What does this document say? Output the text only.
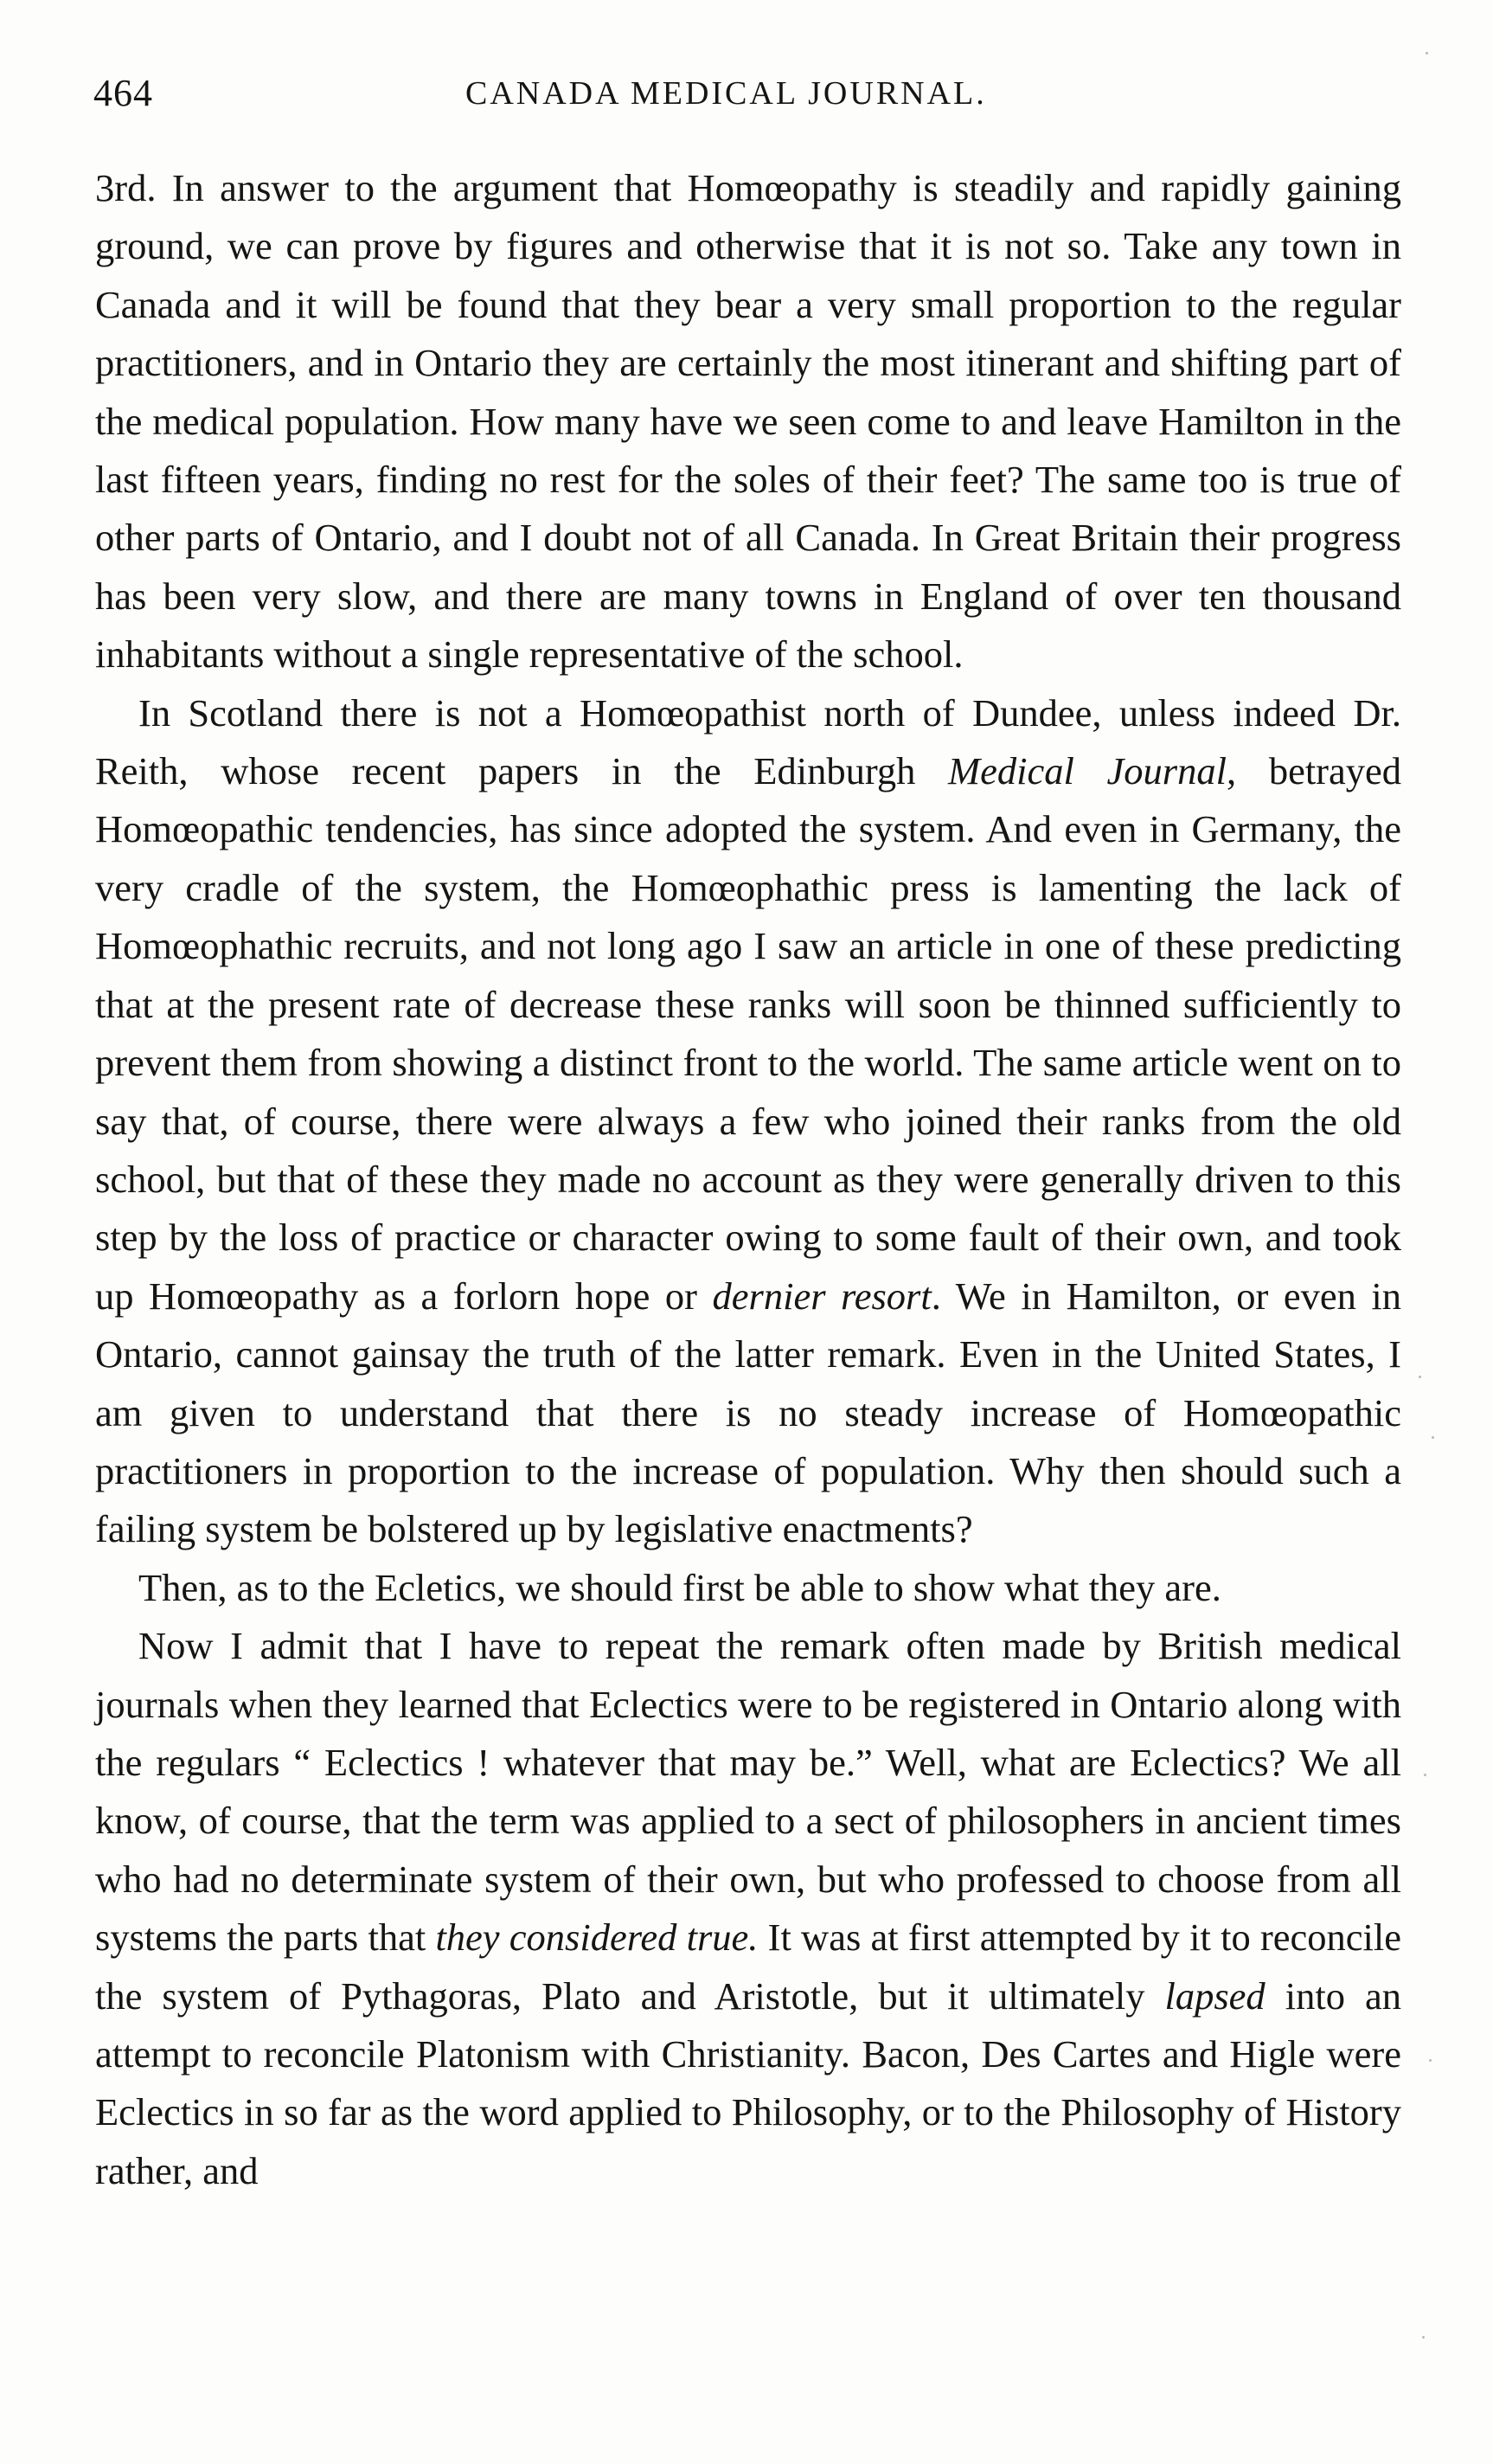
464	CANADA MEDICAL JOURNAL.

3rd. In answer to the argument that Homœopathy is steadily and rapidly gaining ground, we can prove by figures and otherwise that it is not so. Take any town in Canada and it will be found that they bear a very small proportion to the regular practitioners, and in Ontario they are certainly the most itinerant and shifting part of the medical population. How many have we seen come to and leave Hamilton in the last fifteen years, finding no rest for the soles of their feet? The same too is true of other parts of Ontario, and I doubt not of all Canada. In Great Britain their progress has been very slow, and there are many towns in England of over ten thousand inhabitants without a single representative of the school.

In Scotland there is not a Homœopathist north of Dundee, unless indeed Dr. Reith, whose recent papers in the Edinburgh Medical Journal, betrayed Homœopathic tendencies, has since adopted the system. And even in Germany, the very cradle of the system, the Homœophathic press is lamenting the lack of Homœophathic recruits, and not long ago I saw an article in one of these predicting that at the present rate of decrease these ranks will soon be thinned sufficiently to prevent them from showing a distinct front to the world. The same article went on to say that, of course, there were always a few who joined their ranks from the old school, but that of these they made no account as they were generally driven to this step by the loss of practice or character owing to some fault of their own, and took up Homœopathy as a forlorn hope or dernier resort. We in Hamilton, or even in Ontario, cannot gainsay the truth of the latter remark. Even in the United States, I am given to understand that there is no steady increase of Homœopathic practitioners in proportion to the increase of population. Why then should such a failing system be bolstered up by legislative enactments?

Then, as to the Ecletics, we should first be able to show what they are.

Now I admit that I have to repeat the remark often made by British medical journals when they learned that Eclectics were to be registered in Ontario along with the regulars “ Eclectics ! whatever that may be.” Well, what are Eclectics? We all know, of course, that the term was applied to a sect of philosophers in ancient times who had no determinate system of their own, but who professed to choose from all systems the parts that they considered true. It was at first attempted by it to reconcile the system of Pythagoras, Plato and Aristotle, but it ultimately lapsed into an attempt to reconcile Platonism with Christianity. Bacon, Des Cartes and Higle were Eclectics in so far as the word applied to Philosophy, or to the Philosophy of History rather, and
